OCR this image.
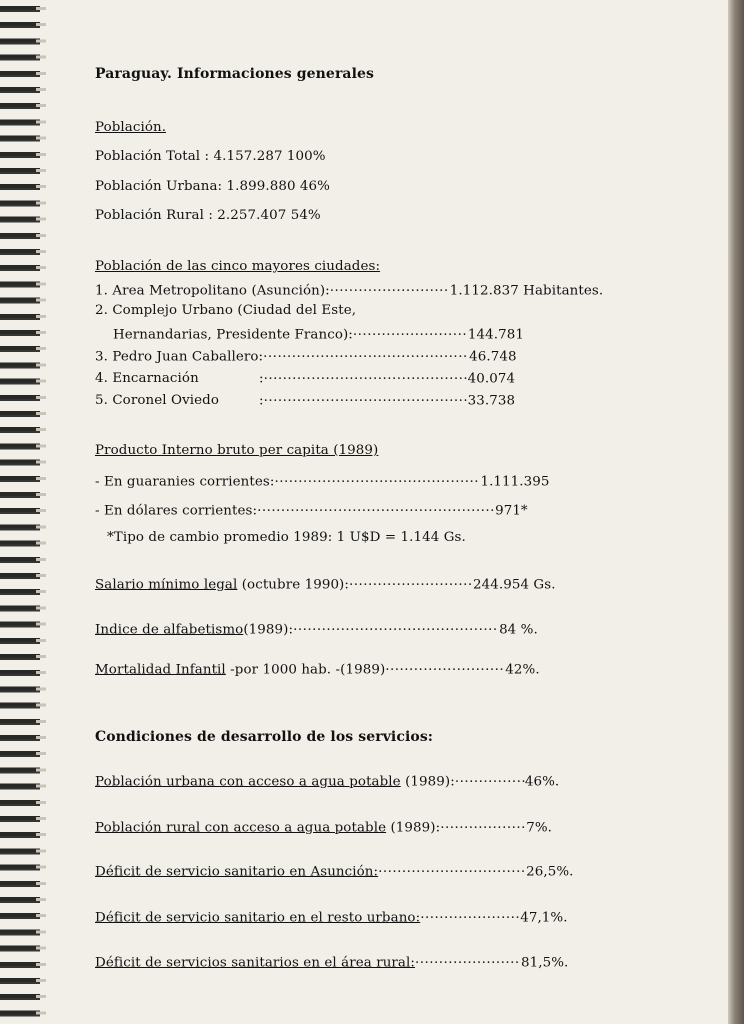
Paraguay. Informaciones generales
Población.
Población Total : 4.157.287 100%
Población Urbana: 1.899.880 46%
Población Rural : 2.257.407 54%
Población de las cinco mayores ciudades:
1. Area Metropolitano (Asunción): .....	1.112.837 Habitantes.
2. Complejo Urbano (Ciudad del Este,
Hernandarias, Presidente Franco): .....	144.781
3. Pedro Juan Caballero: .....	46.748
4. Encarnación	: .....	40.074
5. Coronel Oviedo	: .....	33.738
Producto Interno bruto per capita (1989)
- En guaranies corrientes: .....	1.111.395
- En dólares corrientes: .....	971*
*Tipo de cambio promedio 1989: 1 U$D = 1.144 Gs.
Salario mínimo legal (octubre 1990): .....	244.954 Gs.
Indice de alfabetismo(1989): .....	84 %.
Mortalidad Infantil -por 1000 hab. -(1989) .....	42%.
Condiciones de desarrollo de los servicios:
Población urbana con acceso a agua potable (1989): .....	46%.
Población rural con acceso a agua potable (1989): .....	7%.
Déficit de servicio sanitario en Asunción: .....	26,5%.
Déficit de servicio sanitario en el resto urbano: .....	47,1%.
Déficit de servicios sanitarios en el área rural: .....	81,5%.
